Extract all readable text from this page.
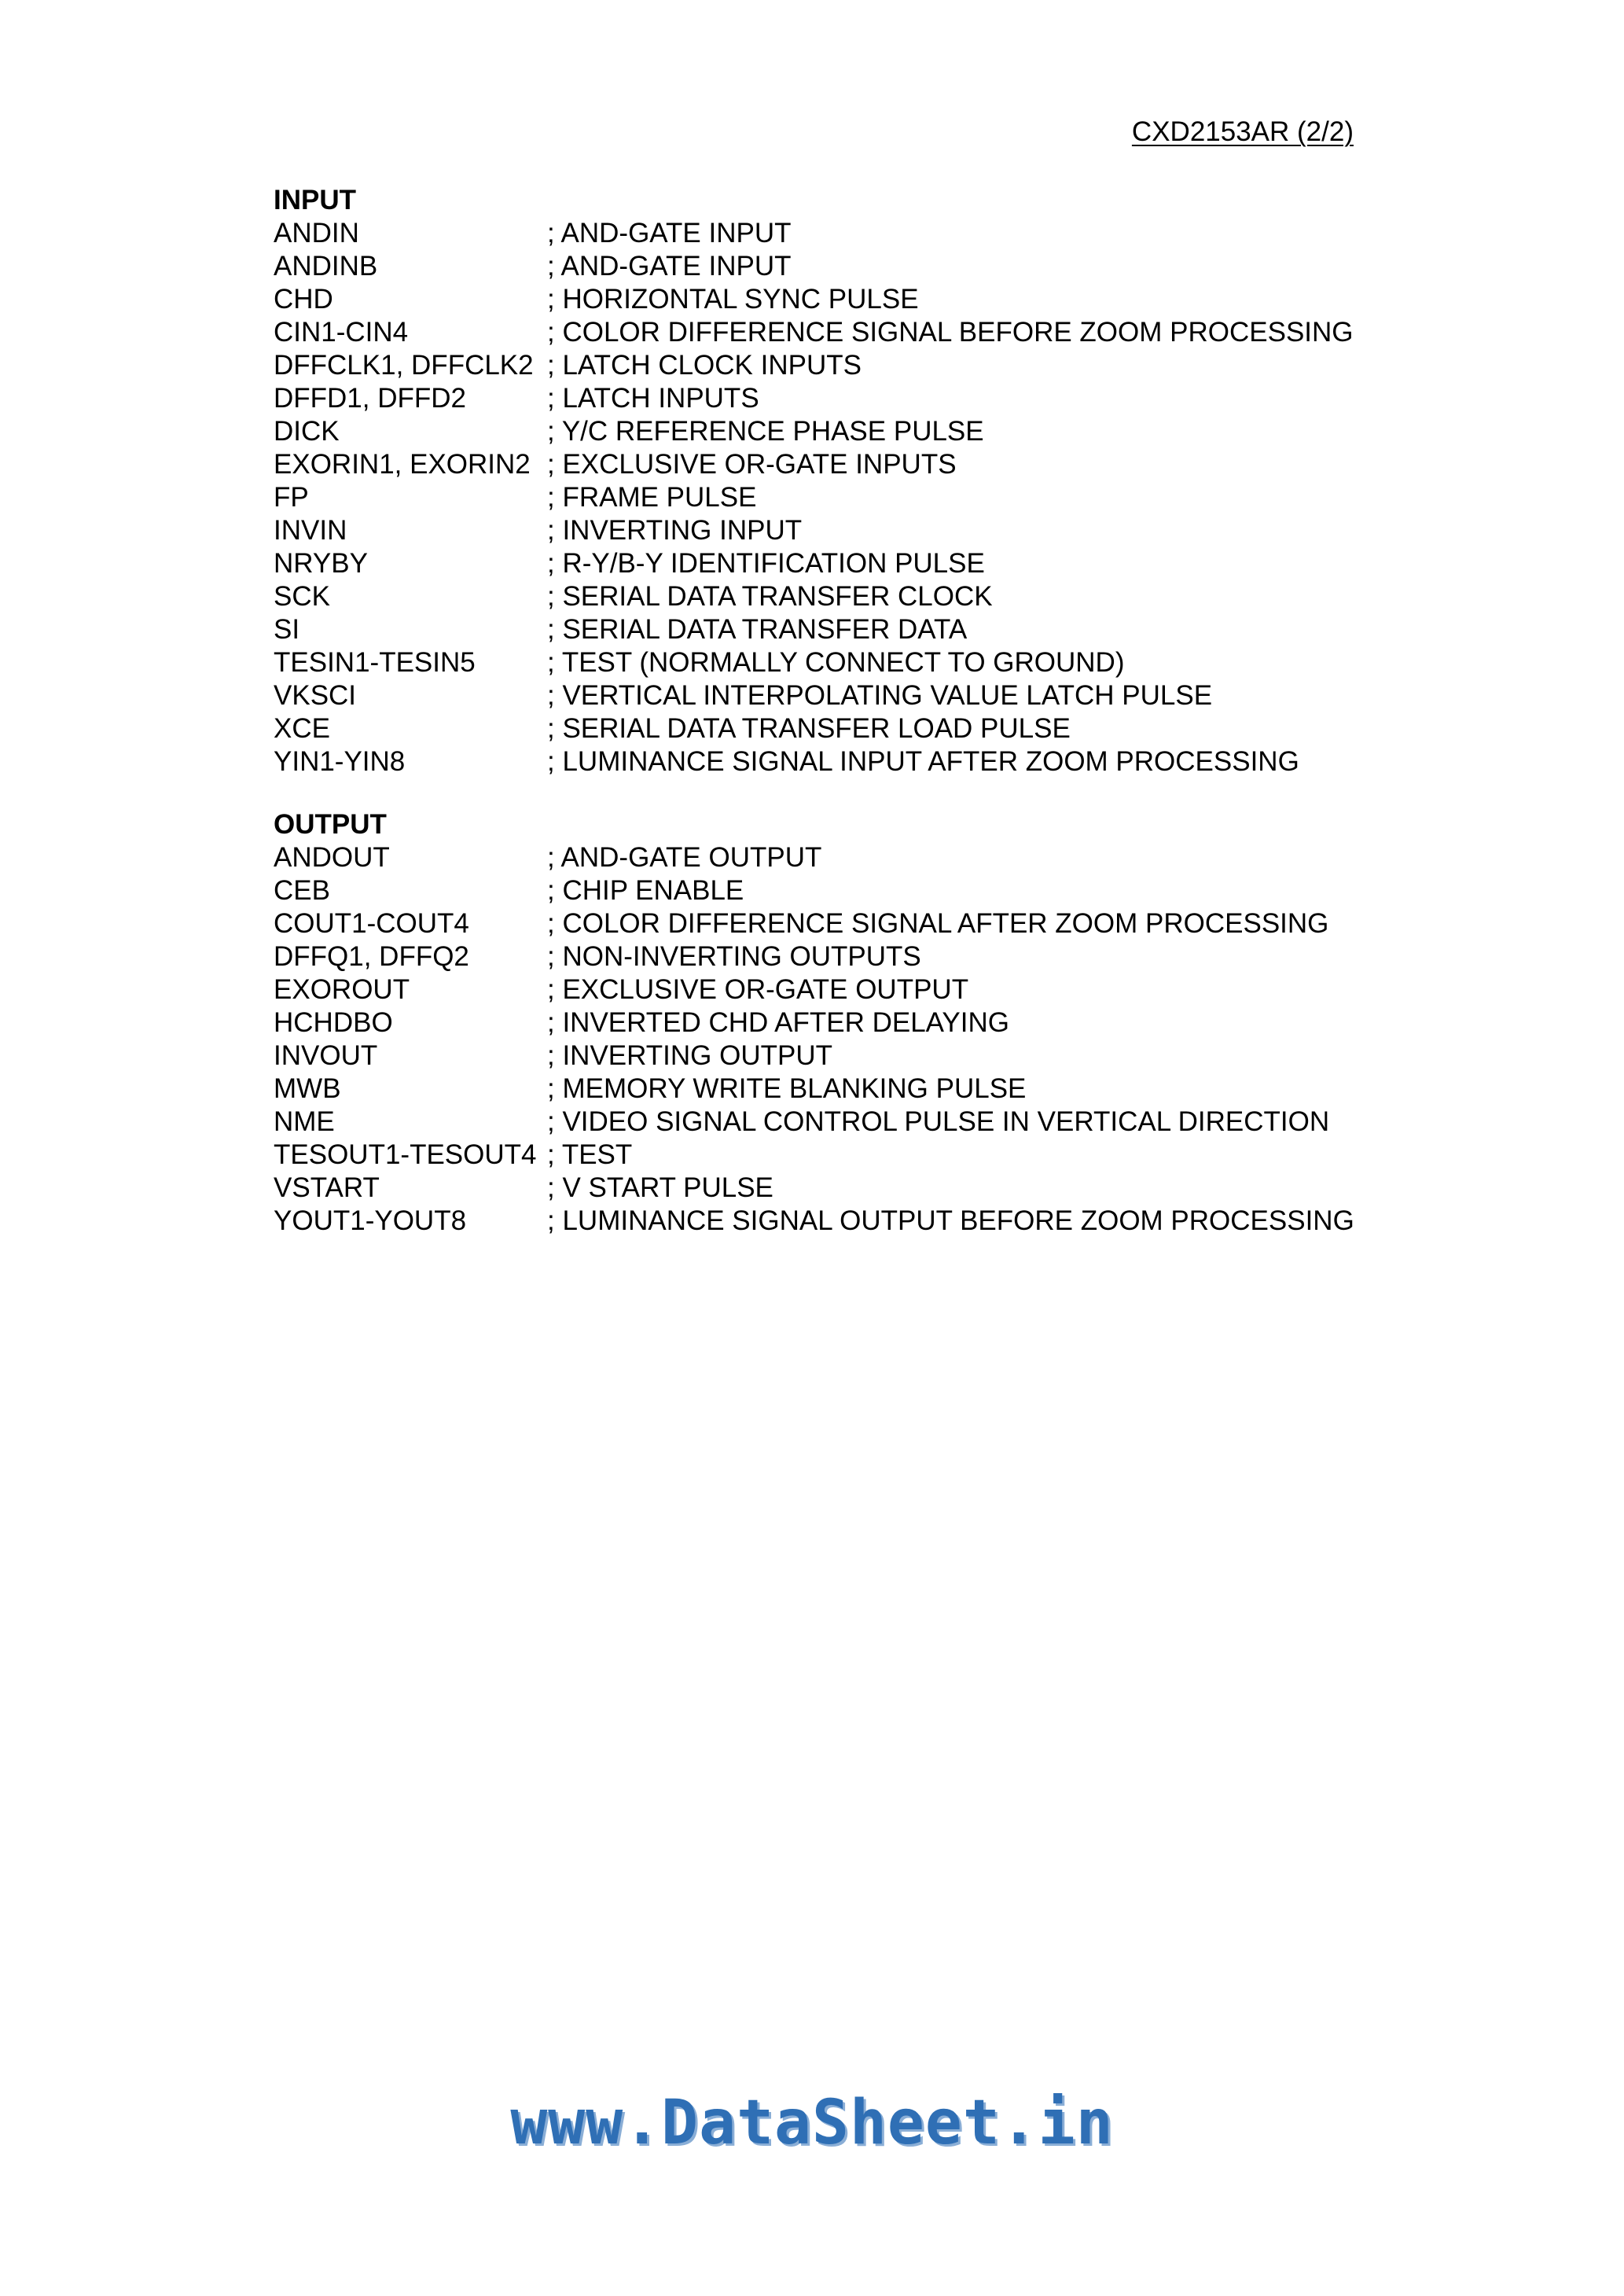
CXD2153AR (2/2)
INPUT
ANDIN	; AND-GATE INPUT
ANDINB	; AND-GATE INPUT
CHD	; HORIZONTAL SYNC PULSE
CIN1-CIN4	; COLOR DIFFERENCE SIGNAL BEFORE ZOOM PROCESSING
DFFCLK1, DFFCLK2 ; LATCH CLOCK INPUTS
DFFD1, DFFD2	; LATCH INPUTS
DICK	; Y/C REFERENCE PHASE PULSE
EXORIN1, EXORIN2 ; EXCLUSIVE OR-GATE INPUTS
FP	; FRAME PULSE
INVIN	; INVERTING INPUT
NRYBY	; R-Y/B-Y IDENTIFICATION PULSE
SCK	; SERIAL DATA TRANSFER CLOCK
SI	; SERIAL DATA TRANSFER DATA
TESIN1-TESIN5	; TEST (NORMALLY CONNECT TO GROUND)
VKSCI	; VERTICAL INTERPOLATING VALUE LATCH PULSE
XCE	; SERIAL DATA TRANSFER LOAD PULSE
YIN1-YIN8	; LUMINANCE SIGNAL INPUT AFTER ZOOM PROCESSING
OUTPUT
ANDOUT	; AND-GATE OUTPUT
CEB	; CHIP ENABLE
COUT1-COUT4	; COLOR DIFFERENCE SIGNAL AFTER ZOOM PROCESSING
DFFQ1, DFFQ2	; NON-INVERTING OUTPUTS
EXOROUT	; EXCLUSIVE OR-GATE OUTPUT
HCHDBO	; INVERTED CHD AFTER DELAYING
INVOUT	; INVERTING OUTPUT
MWB	; MEMORY WRITE BLANKING PULSE
NME	; VIDEO SIGNAL CONTROL PULSE IN VERTICAL DIRECTION
TESOUT1-TESOUT4 ; TEST
VSTART	; V START PULSE
YOUT1-YOUT8	; LUMINANCE SIGNAL OUTPUT BEFORE ZOOM PROCESSING
www.DataSheet.in
